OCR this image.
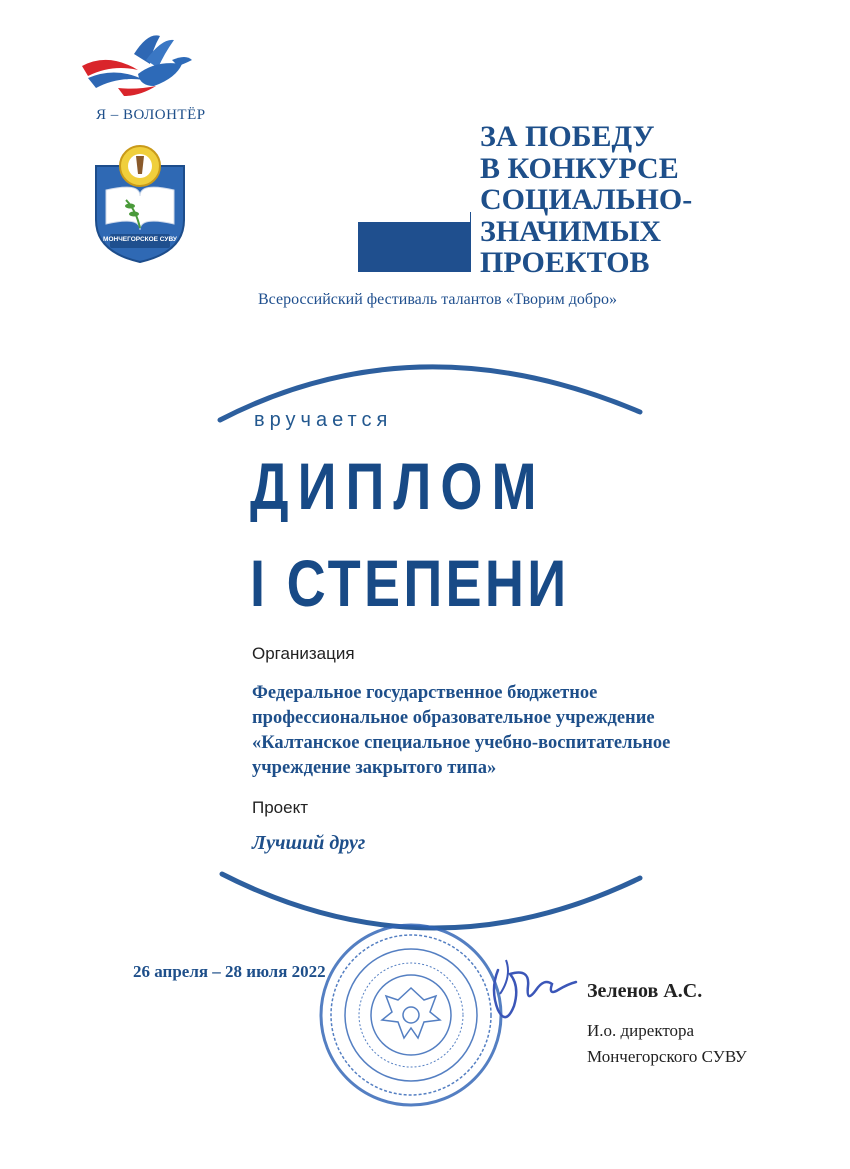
Я – ВОЛОНТЁР
МОНЧЕГОРСКОЕ СУВУ
ЗА ПОБЕДУ
В КОНКУРСЕ
СОЦИАЛЬНО-
ЗНАЧИМЫХ
ПРОЕКТОВ
Всероссийский фестиваль талантов «Творим добро»
вручается
ДИПЛОМ
I СТЕПЕНИ
Организация
Федеральное государственное бюджетное
профессиональное образовательное учреждение
«Калтанское специальное учебно-воспитательное
учреждение закрытого типа»
Проект
Лучший друг
26 апреля – 28 июля 2022
Зеленов А.С.
И.о. директора
Мончегорского СУВУ
